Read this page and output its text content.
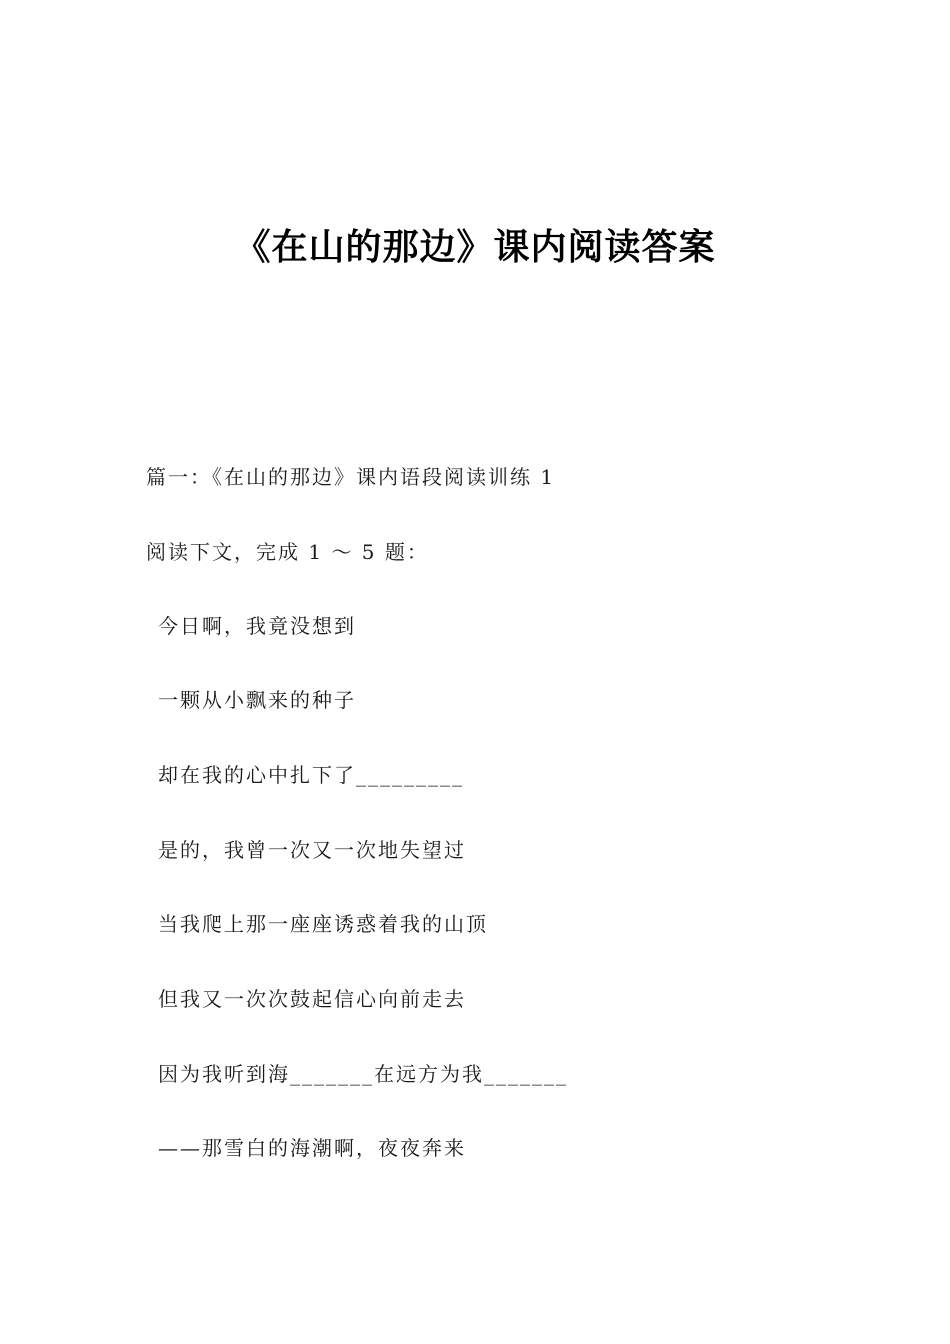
《在山的那边》课内阅读答案
篇一：《在山的那边》课内语段阅读训练 1
阅读下文，完成 1 ～ 5 题：
今日啊，我竟没想到
一颗从小飘来的种子
却在我的心中扎下了_________
是的，我曾一次又一次地失望过
当我爬上那一座座诱惑着我的山顶
但我又一次次鼓起信心向前走去
因为我听到海_______在远方为我_______
——那雪白的海潮啊，夜夜奔来
